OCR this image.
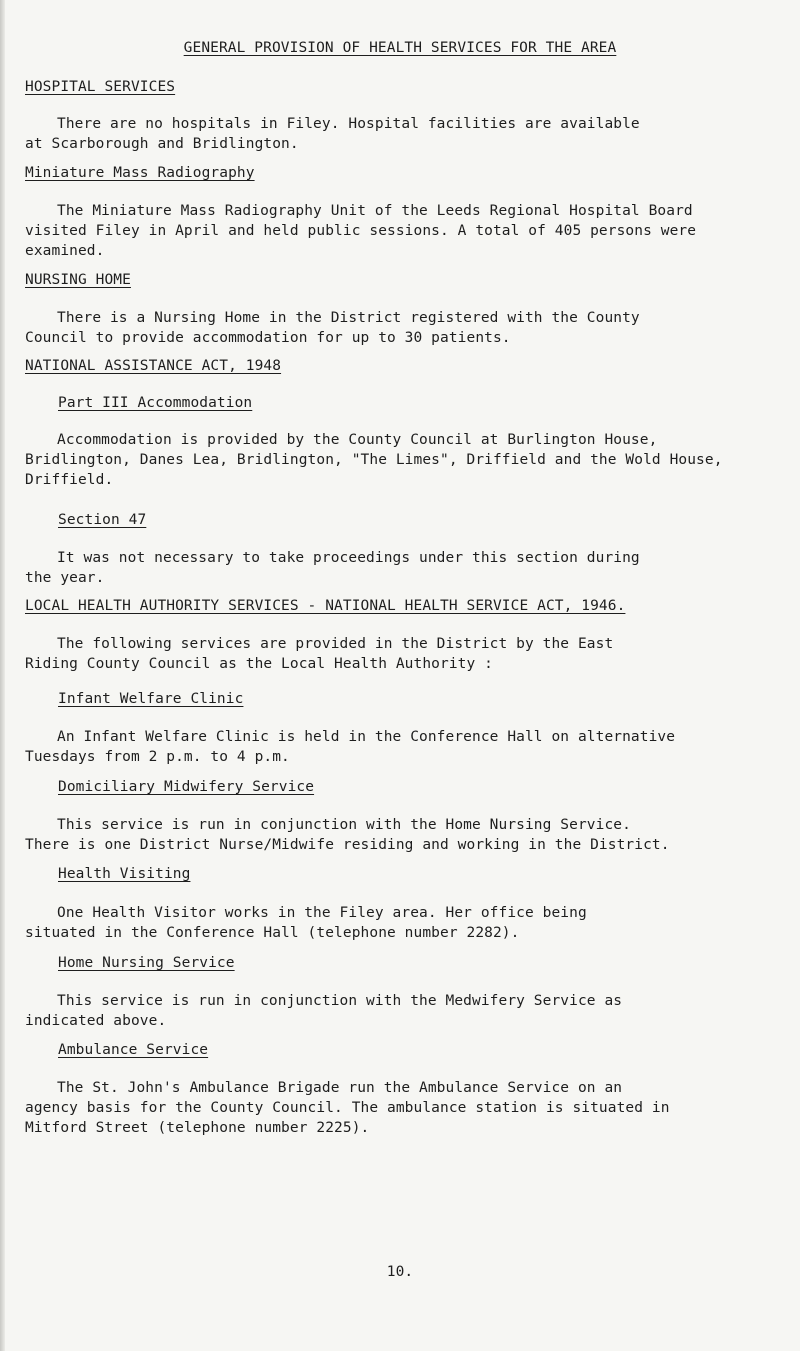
GENERAL PROVISION OF HEALTH SERVICES FOR THE AREA
HOSPITAL SERVICES
There are no hospitals in Filey. Hospital facilities are available
at Scarborough and Bridlington.
Miniature Mass Radiography
The Miniature Mass Radiography Unit of the Leeds Regional Hospital Board
visited Filey in April and held public sessions. A total of 405 persons were
examined.
NURSING HOME
There is a Nursing Home in the District registered with the County
Council to provide accommodation for up to 30 patients.
NATIONAL ASSISTANCE ACT, 1948
Part III Accommodation
Accommodation is provided by the County Council at Burlington House,
Bridlington, Danes Lea, Bridlington, "The Limes", Driffield and the Wold House,
Driffield.
Section 47
It was not necessary to take proceedings under this section during
the year.
LOCAL HEALTH AUTHORITY SERVICES - NATIONAL HEALTH SERVICE ACT, 1946.
The following services are provided in the District by the East
Riding County Council as the Local Health Authority :
Infant Welfare Clinic
An Infant Welfare Clinic is held in the Conference Hall on alternative
Tuesdays from 2 p.m. to 4 p.m.
Domiciliary Midwifery Service
This service is run in conjunction with the Home Nursing Service.
There is one District Nurse/Midwife residing and working in the District.
Health Visiting
One Health Visitor works in the Filey area. Her office being
situated in the Conference Hall (telephone number 2282).
Home Nursing Service
This service is run in conjunction with the Medwifery Service as
indicated above.
Ambulance Service
The St. John's Ambulance Brigade run the Ambulance Service on an
agency basis for the County Council. The ambulance station is situated in
Mitford Street (telephone number 2225).
10.
